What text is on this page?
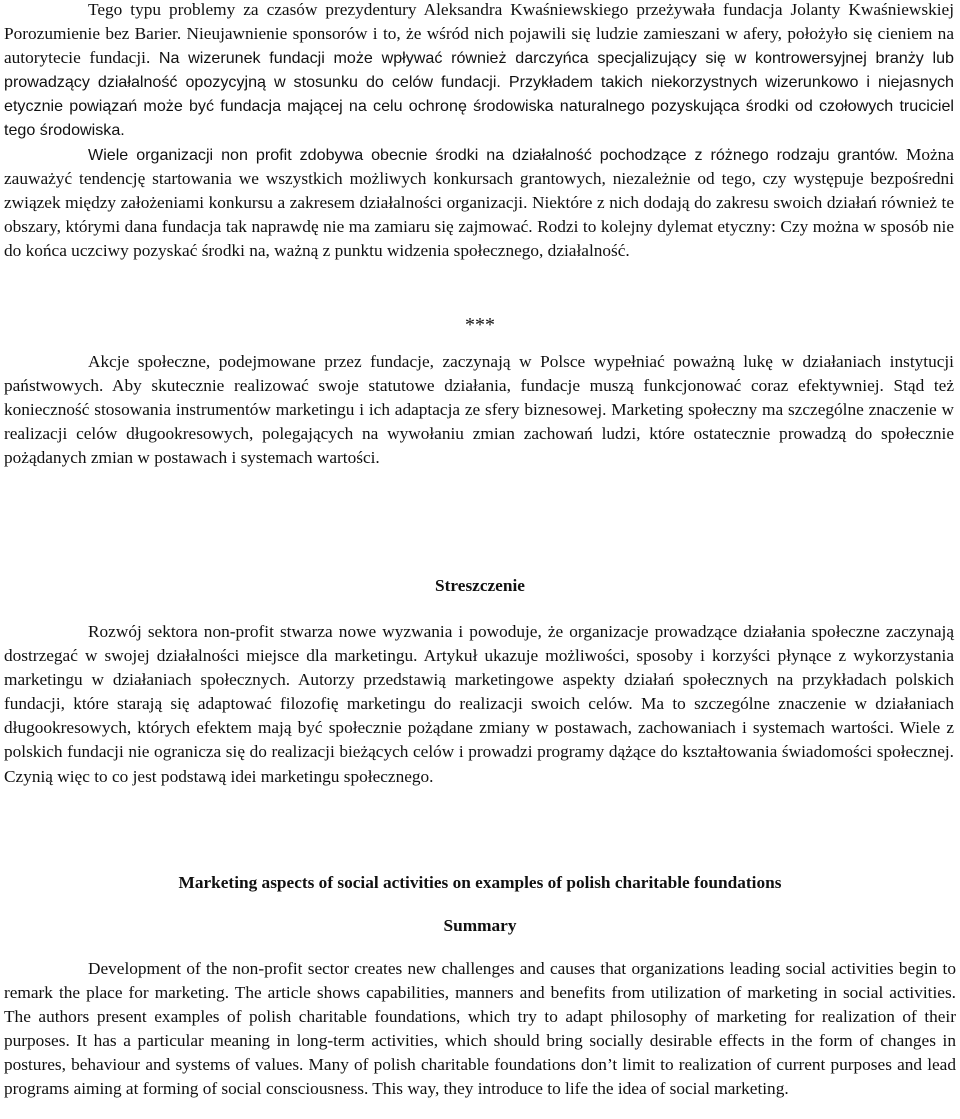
Tego typu problemy za czasów prezydentury Aleksandra Kwaśniewskiego przeżywała fundacja Jolanty Kwaśniewskiej Porozumienie bez Barier. Nieujawnienie sponsorów i to, że wśród nich pojawili się ludzie zamieszani w afery, położyło się cieniem na autorytecie fundacji. Na wizerunek fundacji może wpływać również darczyńca specjalizujący się w kontrowersyjnej branży lub prowadzący działalność opozycyjną w stosunku do celów fundacji. Przykładem takich niekorzystnych wizerunkowo i niejasnych etycznie powiązań może być fundacja mającej na celu ochronę środowiska naturalnego pozyskująca środki od czołowych truciciel tego środowiska.

Wiele organizacji non profit zdobywa obecnie środki na działalność pochodzące z różnego rodzaju grantów. Można zauważyć tendencję startowania we wszystkich możliwych konkursach grantowych, niezależnie od tego, czy występuje bezpośredni związek między założeniami konkursu a zakresem działalności organizacji. Niektóre z nich dodają do zakresu swoich działań również te obszary, którymi dana fundacja tak naprawdę nie ma zamiaru się zajmować. Rodzi to kolejny dylemat etyczny: Czy można w sposób nie do końca uczciwy pozyskać środki na, ważną z punktu widzenia społecznego, działalność.

***

Akcje społeczne, podejmowane przez fundacje, zaczynają w Polsce wypełniać poważną lukę w działaniach instytucji państwowych. Aby skutecznie realizować swoje statutowe działania, fundacje muszą funkcjonować coraz efektywniej. Stąd też konieczność stosowania instrumentów marketingu i ich adaptacja ze sfery biznesowej. Marketing społeczny ma szczególne znaczenie w realizacji celów długookresowych, polegających na wywołaniu zmian zachowań ludzi, które ostatecznie prowadzą do społecznie pożądanych zmian w postawach i systemach wartości.

Streszczenie

Rozwój sektora non-profit stwarza nowe wyzwania i powoduje, że organizacje prowadzące działania społeczne zaczynają dostrzegać w swojej działalności miejsce dla marketingu. Artykuł ukazuje możliwości, sposoby i korzyści płynące z wykorzystania marketingu w działaniach społecznych. Autorzy przedstawią marketingowe aspekty działań społecznych na przykładach polskich fundacji, które starają się adaptować filozofię marketingu do realizacji swoich celów. Ma to szczególne znaczenie w działaniach długookresowych, których efektem mają być społecznie pożądane zmiany w postawach, zachowaniach i systemach wartości. Wiele z polskich fundacji nie ogranicza się do realizacji bieżących celów i prowadzi programy dążące do kształtowania świadomości społecznej. Czynią więc to co jest podstawą idei marketingu społecznego.

Marketing aspects of social activities on examples of polish charitable foundations
Summary

Development of the non-profit sector creates new challenges and causes that organizations leading social activities begin to remark the place for marketing. The article shows capabilities, manners and benefits from utilization of marketing in social activities. The authors present examples of polish charitable foundations, which try to adapt philosophy of marketing for realization of their purposes. It has a particular meaning in long-term activities, which should bring socially desirable effects in the form of changes in postures, behaviour and systems of values. Many of polish charitable foundations don’t limit to realization of current purposes and lead programs aiming at forming of social consciousness. This way, they introduce to life the idea of social marketing.
